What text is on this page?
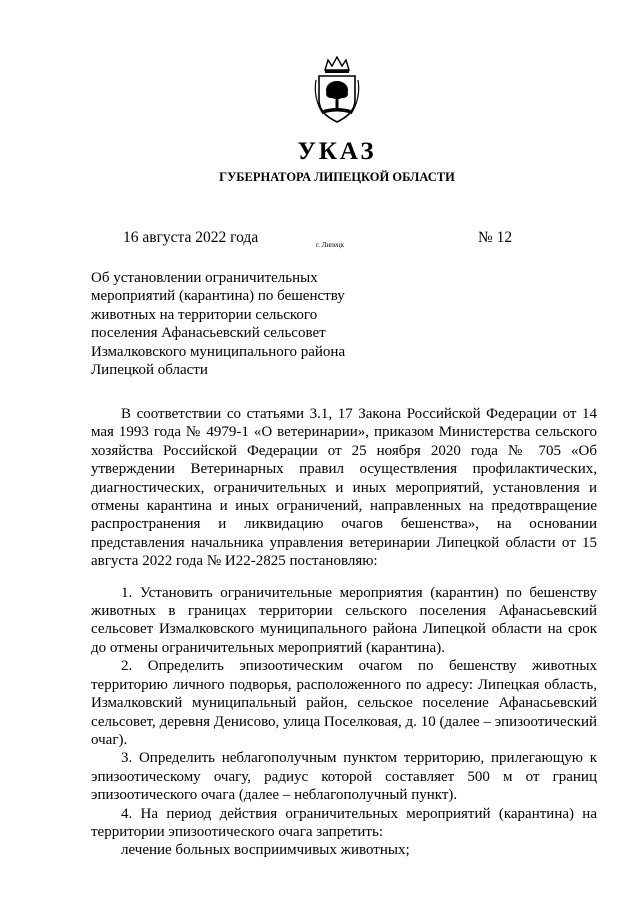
УКАЗ
ГУБЕРНАТОРА ЛИПЕЦКОЙ ОБЛАСТИ
16 августа 2022 года	г. Липецк	№ 12
Об установлении ограничительных
мероприятий (карантина) по бешенству
животных на территории сельского
поселения Афанасьевский сельсовет
Измалковского муниципального района
Липецкой области

В соответствии со статьями 3.1, 17 Закона Российской Федерации от 14 мая 1993 года № 4979-1 «О ветеринарии», приказом Министерства сельского хозяйства Российской Федерации от 25 ноября 2020 года № 705 «Об утверждении Ветеринарных правил осуществления профилактических, диагностических, ограничительных и иных мероприятий, установления и отмены карантина и иных ограничений, направленных на предотвращение распространения и ликвидацию очагов бешенства», на основании представления начальника управления ветеринарии Липецкой области от 15 августа 2022 года № И22-2825 постановляю:

1. Установить ограничительные мероприятия (карантин) по бешенству животных в границах территории сельского поселения Афанасьевский сельсовет Измалковского муниципального района Липецкой области на срок до отмены ограничительных мероприятий (карантина).

2. Определить эпизоотическим очагом по бешенству животных территорию личного подворья, расположенного по адресу: Липецкая область, Измалковский муниципальный район, сельское поселение Афанасьевский сельсовет, деревня Денисово, улица Поселковая, д. 10 (далее – эпизоотический очаг).

3. Определить неблагополучным пунктом территорию, прилегающую к эпизоотическому очагу, радиус которой составляет 500 м от границ эпизоотического очага (далее – неблагополучный пункт).

4. На период действия ограничительных мероприятий (карантина) на территории эпизоотического очага запретить:

лечение больных восприимчивых животных;
